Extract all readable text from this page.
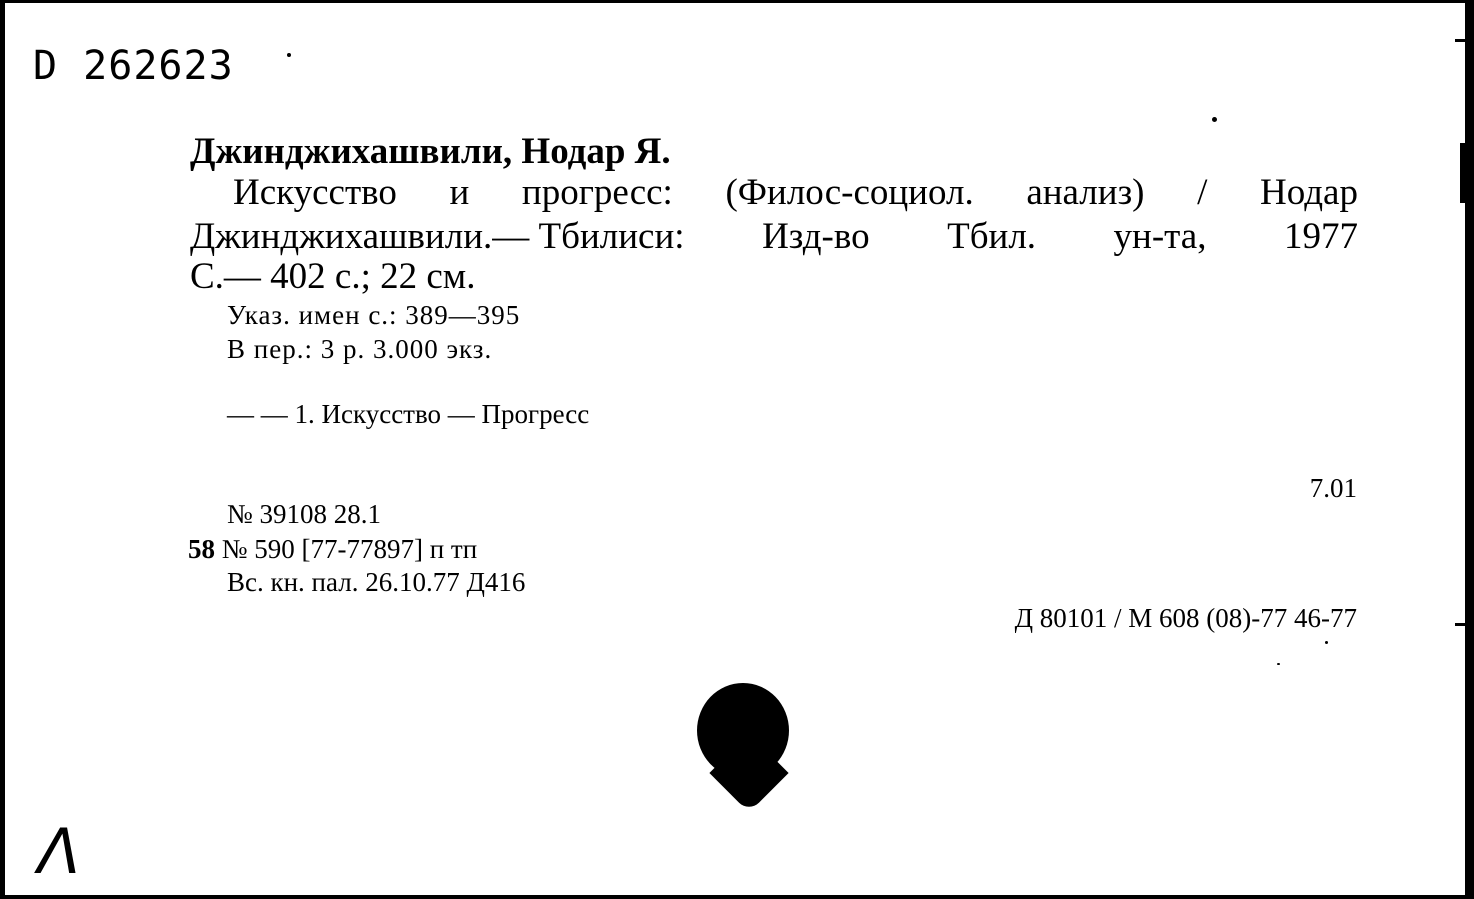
D 262623
Джинджихашвили, Нодар Я.
Искусство и прогресс: (Филос-социол. анализ) / Нодар
Джинджихашвили.— Тбилиси: Изд-во Тбил. ун-та, 1977
С.— 402 с.; 22 см.
Указ. имен с.: 389—395
В пер.: 3 р. 3.000 экз.
— — 1. Искусство — Прогресс
7.01
№ 39108 28.1
58 № 590 [77-77897] п тп
Вс. кн. пал. 26.10.77 Д416
Д 80101 / М 608 (08)-77 46-77
Λ
